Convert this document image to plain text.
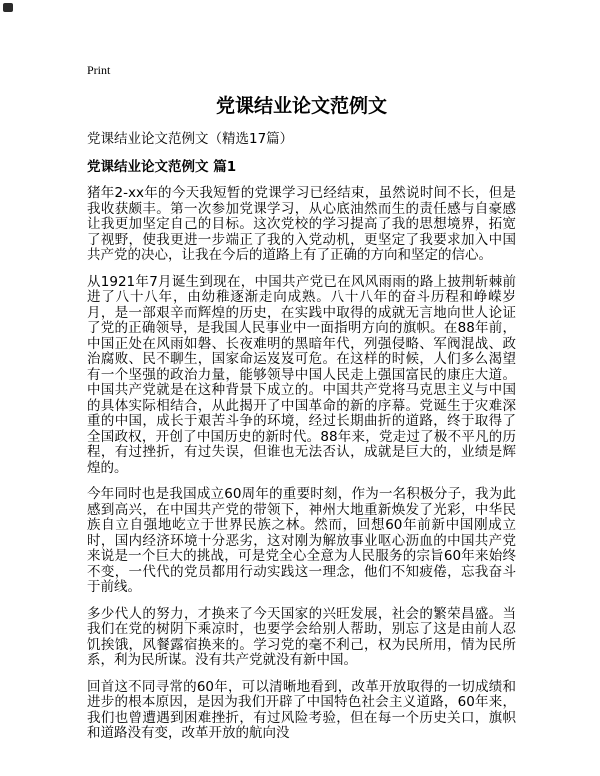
Print
党课结业论文范例文
党课结业论文范例文（精选17篇）
党课结业论文范例文 篇1

猪年2-xx年的今天我短暂的党课学习已经结束，虽然说时间不长，但是我收获颇丰。第一次参加党课学习，从心底油然而生的责任感与自豪感让我更加坚定自己的目标。这次党校的学习提高了我的思想境界，拓宽了视野，使我更进一步端正了我的入党动机，更坚定了我要求加入中国共产党的决心，让我在今后的道路上有了正确的方向和坚定的信心。

从1921年7月诞生到现在，中国共产党已在风风雨雨的路上披荆斩棘前进了八十八年，由幼稚逐渐走向成熟。八十八年的奋斗历程和峥嵘岁月，是一部艰辛而辉煌的历史，在实践中取得的成就无言地向世人论证了党的正确领导，是我国人民事业中一面指明方向的旗帜。在88年前，中国正处在风雨如磐、长夜难明的黑暗年代，列强侵略、军阀混战、政治腐败、民不聊生，国家命运岌岌可危。在这样的时候，人们多么渴望有一个坚强的政治力量，能够领导中国人民走上强国富民的康庄大道。中国共产党就是在这种背景下成立的。中国共产党将马克思主义与中国的具体实际相结合，从此揭开了中国革命的新的序幕。党诞生于灾难深重的中国，成长于艰苦斗争的环境，经过长期曲折的道路，终于取得了全国政权，开创了中国历史的新时代。88年来，党走过了极不平凡的历程，有过挫折，有过失误，但谁也无法否认，成就是巨大的，业绩是辉煌的。

今年同时也是我国成立60周年的重要时刻，作为一名积极分子，我为此感到高兴，在中国共产党的带领下，神州大地重新焕发了光彩，中华民族自立自强地屹立于世界民族之林。然而，回想60年前新中国刚成立时，国内经济环境十分恶劣，这对刚为解放事业呕心沥血的中国共产党来说是一个巨大的挑战，可是党全心全意为人民服务的宗旨60年来始终不变，一代代的党员都用行动实践这一理念，他们不知疲倦，忘我奋斗于前线。

多少代人的努力，才换来了今天国家的兴旺发展，社会的繁荣昌盛。当我们在党的树阴下乘凉时，也要学会给别人帮助，别忘了这是由前人忍饥挨饿，风餐露宿换来的。学习党的毫不利己，权为民所用，情为民所系，利为民所谋。没有共产党就没有新中国。

回首这不同寻常的60年，可以清晰地看到，改革开放取得的一切成绩和进步的根本原因，是因为我们开辟了中国特色社会主义道路，60年来，我们也曾遭遇到困难挫折，有过风险考验，但在每一个历史关口，旗帜和道路没有变，改革开放的航向没
